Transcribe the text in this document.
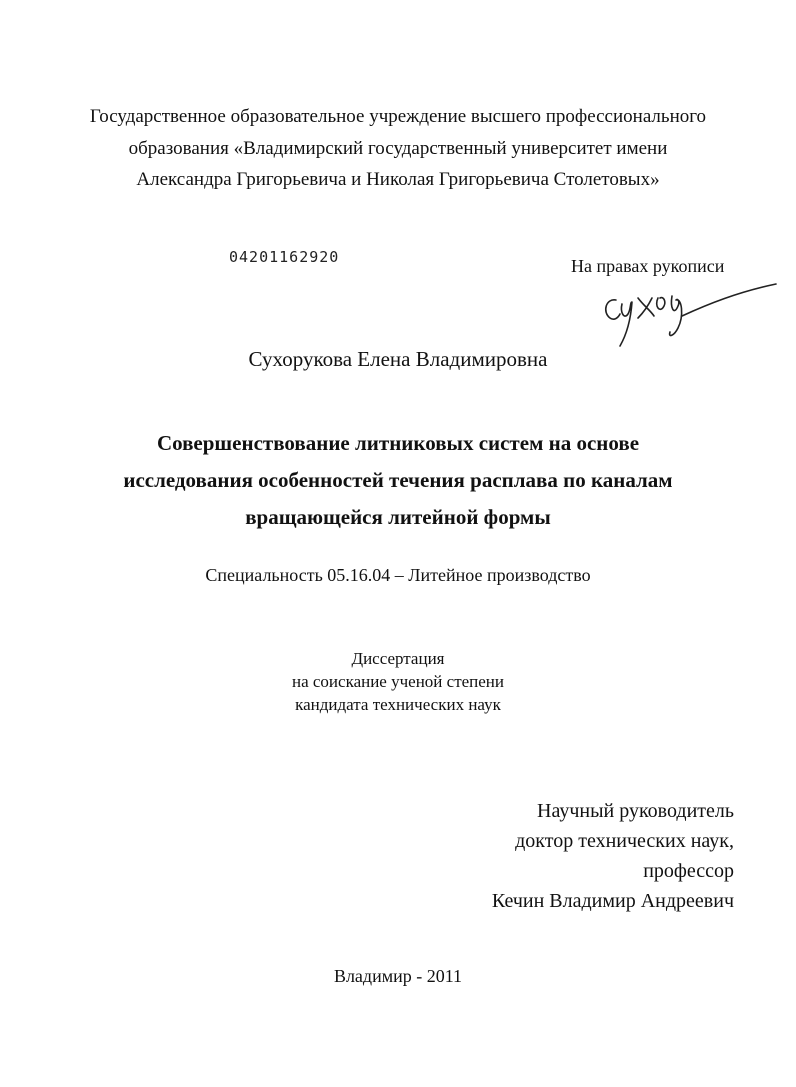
Государственное образовательное учреждение высшего профессионального
образования «Владимирский государственный университет имени
Александра Григорьевича и Николая Григорьевича Столетовых»
04201162920	На правах рукописи
Сухорукова Елена Владимировна
Совершенствование литниковых систем на основе
исследования особенностей течения расплава по каналам
вращающейся литейной формы
Специальность 05.16.04 – Литейное производство
Диссертация
на соискание ученой степени
кандидата технических наук
Научный руководитель
доктор технических наук,
профессор
Кечин Владимир Андреевич
Владимир - 2011
